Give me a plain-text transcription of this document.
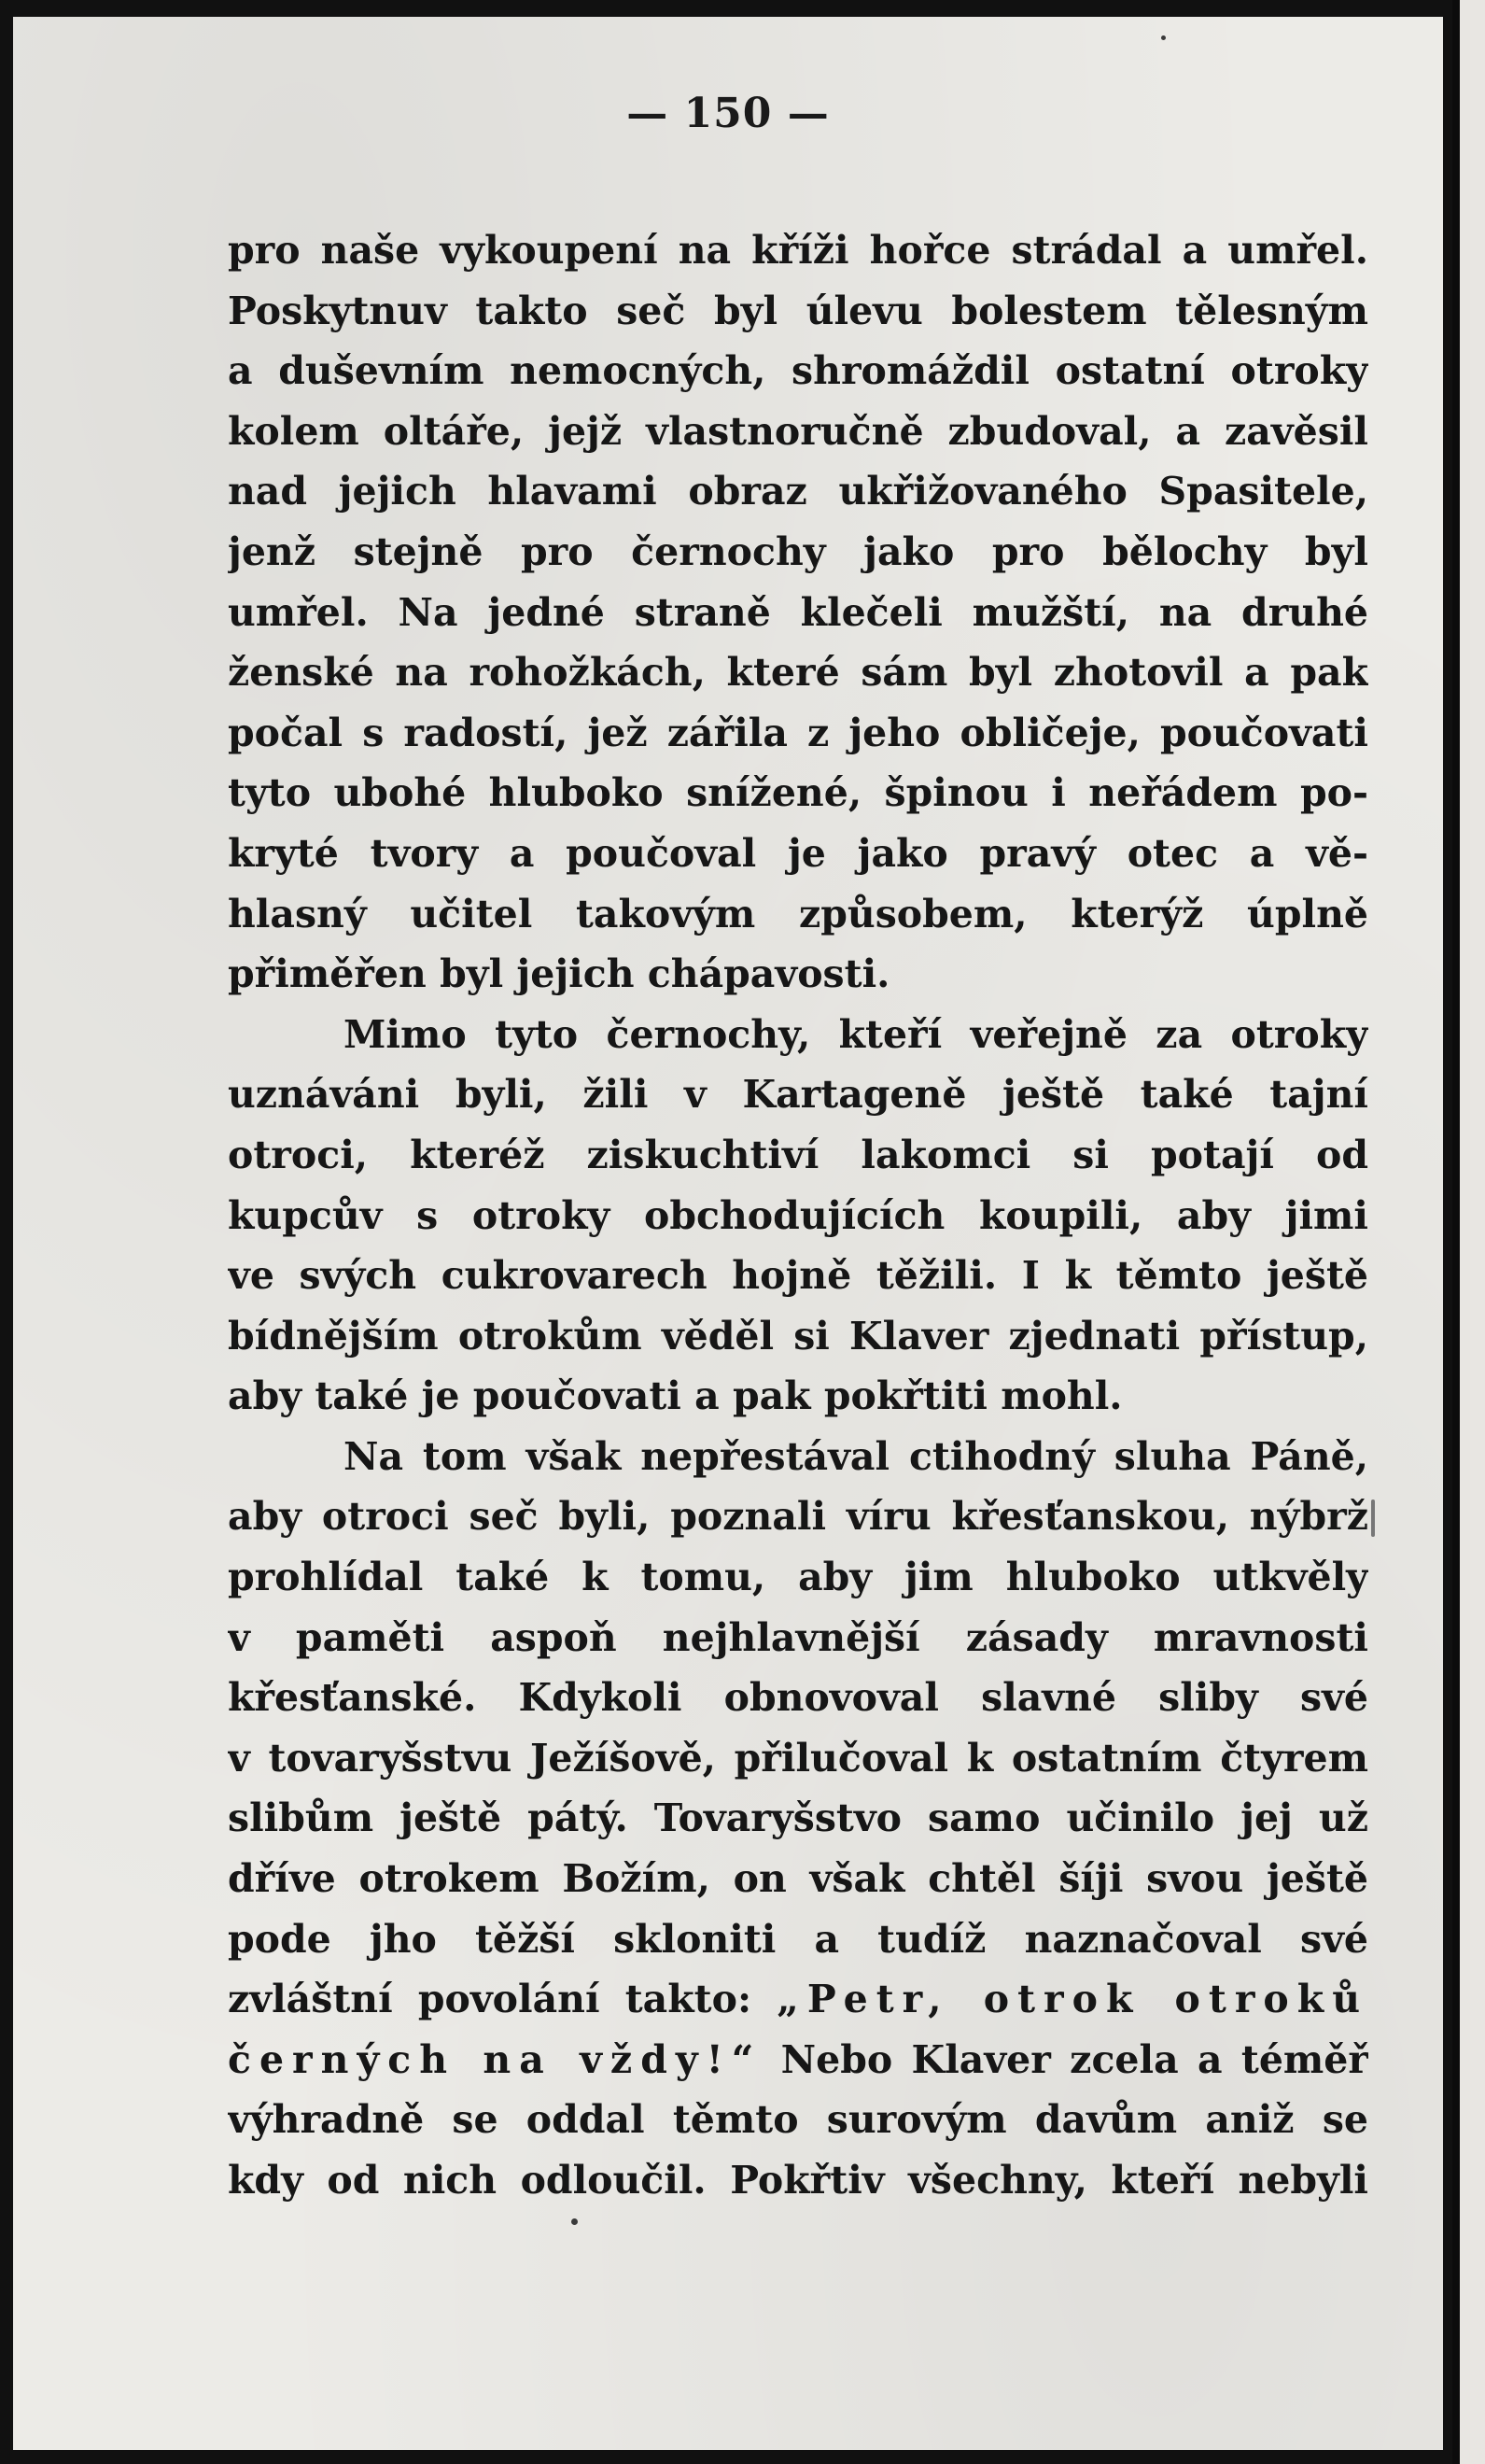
— 150 —
pro naše vykoupení na kříži hořce strádal a umřel.
Poskytnuv takto seč byl úlevu bolestem tělesným
a duševním nemocných, shromáždil ostatní otroky
kolem oltáře, jejž vlastnoručně zbudoval, a zavěsil
nad jejich hlavami obraz ukřižovaného Spasitele,
jenž stejně pro černochy jako pro bělochy byl
umřel. Na jedné straně klečeli mužští, na druhé
ženské na rohožkách, které sám byl zhotovil a pak
počal s radostí, jež zářila z jeho obličeje, poučovati
tyto ubohé hluboko snížené, špinou i neřádem po-
kryté tvory a poučoval je jako pravý otec a vě-
hlasný učitel takovým způsobem, kterýž úplně
přiměřen byl jejich chápavosti.
Mimo tyto černochy, kteří veřejně za otroky
uznáváni byli, žili v Kartageně ještě také tajní
otroci, kteréž ziskuchtiví lakomci si potají od
kupcův s otroky obchodujících koupili, aby jimi
ve svých cukrovarech hojně těžili. I k těmto ještě
bídnějším otrokům věděl si Klaver zjednati přístup,
aby také je poučovati a pak pokřtiti mohl.
Na tom však nepřestával ctihodný sluha Páně,
aby otroci seč byli, poznali víru křesťanskou, nýbrž
prohlídal také k tomu, aby jim hluboko utkvěly
v paměti aspoň nejhlavnější zásady mravnosti
křesťanské. Kdykoli obnovoval slavné sliby své
v tovaryšstvu Ježíšově, přilučoval k ostatním čtyrem
slibům ještě pátý. Tovaryšstvo samo učinilo jej už
dříve otrokem Božím, on však chtěl šíji svou ještě
pode jho těžší skloniti a tudíž naznačoval své
zvláštní povolání takto: „Petr, otrok otroků
černých na vždy!“ Nebo Klaver zcela a téměř
výhradně se oddal těmto surovým davům aniž se
kdy od nich odloučil. Pokřtiv všechny, kteří nebyli
